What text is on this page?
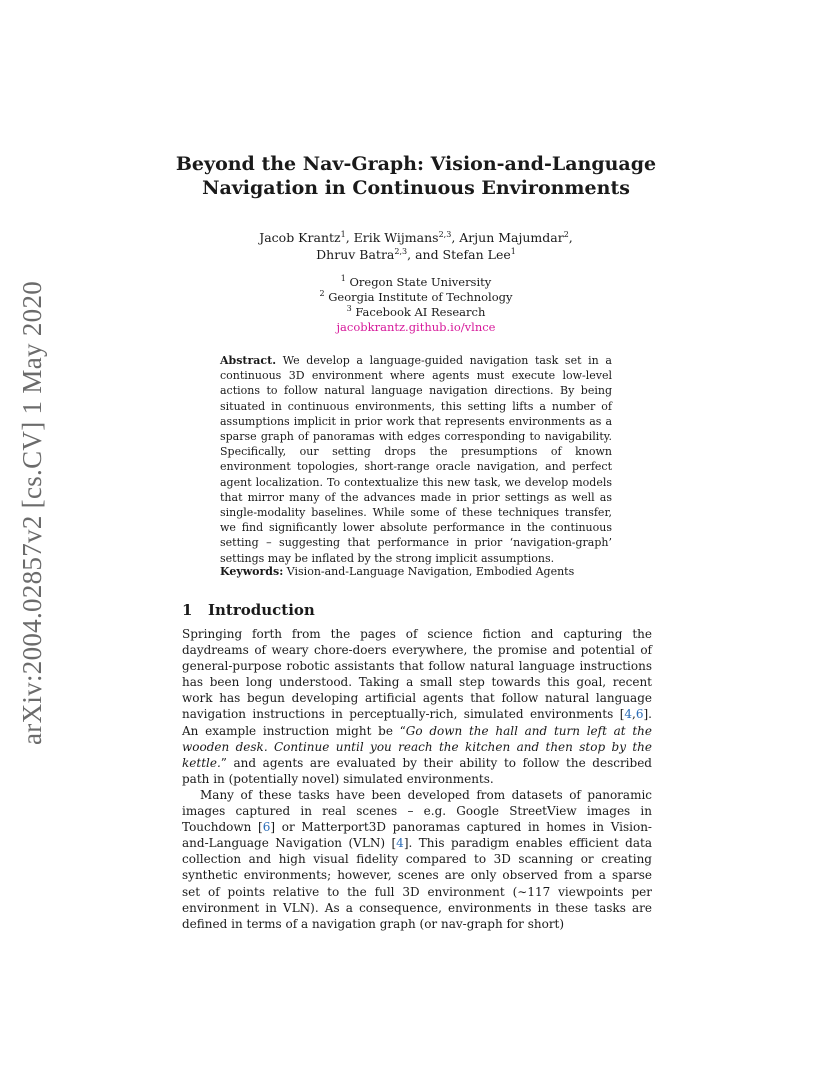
arXiv:2004.02857v2 [cs.CV] 1 May 2020
Beyond the Nav-Graph: Vision-and-Language
Navigation in Continuous Environments
Jacob Krantz$^1$, Erik Wijmans$^{2,3}$, Arjun Majumdar$^2$,
Dhruv Batra$^{2,3}$, and Stefan Lee$^1$
$^1$ Oregon State University
$^2$ Georgia Institute of Technology
$^3$ Facebook AI Research
jacobkrantz.github.io/vlnce
Abstract. We develop a language-guided navigation task set in a continuous 3D environment where agents must execute low-level actions to follow natural language navigation directions. By being situated in continuous environments, this setting lifts a number of assumptions implicit in prior work that represents environments as a sparse graph of panoramas with edges corresponding to navigability. Specifically, our setting drops the presumptions of known environment topologies, short-range oracle navigation, and perfect agent localization. To contextualize this new task, we develop models that mirror many of the advances made in prior settings as well as single-modality baselines. While some of these techniques transfer, we find significantly lower absolute performance in the continuous setting – suggesting that performance in prior ‘navigation-graph’ settings may be inflated by the strong implicit assumptions.
Keywords: Vision-and-Language Navigation, Embodied Agents
1 Introduction

Springing forth from the pages of science fiction and capturing the daydreams of weary chore-doers everywhere, the promise and potential of general-purpose robotic assistants that follow natural language instructions has been long understood. Taking a small step towards this goal, recent work has begun developing artificial agents that follow natural language navigation instructions in perceptually-rich, simulated environments [4,6]. An example instruction might be “Go down the hall and turn left at the wooden desk. Continue until you reach the kitchen and then stop by the kettle.” and agents are evaluated by their ability to follow the described path in (potentially novel) simulated environments.

Many of these tasks have been developed from datasets of panoramic images captured in real scenes – e.g. Google StreetView images in Touchdown [6] or Matterport3D panoramas captured in homes in Vision-and-Language Navigation (VLN) [4]. This paradigm enables efficient data collection and high visual fidelity compared to 3D scanning or creating synthetic environments; however, scenes are only observed from a sparse set of points relative to the full 3D environment (∼117 viewpoints per environment in VLN). As a consequence, environments in these tasks are defined in terms of a navigation graph (or nav-graph for short)
